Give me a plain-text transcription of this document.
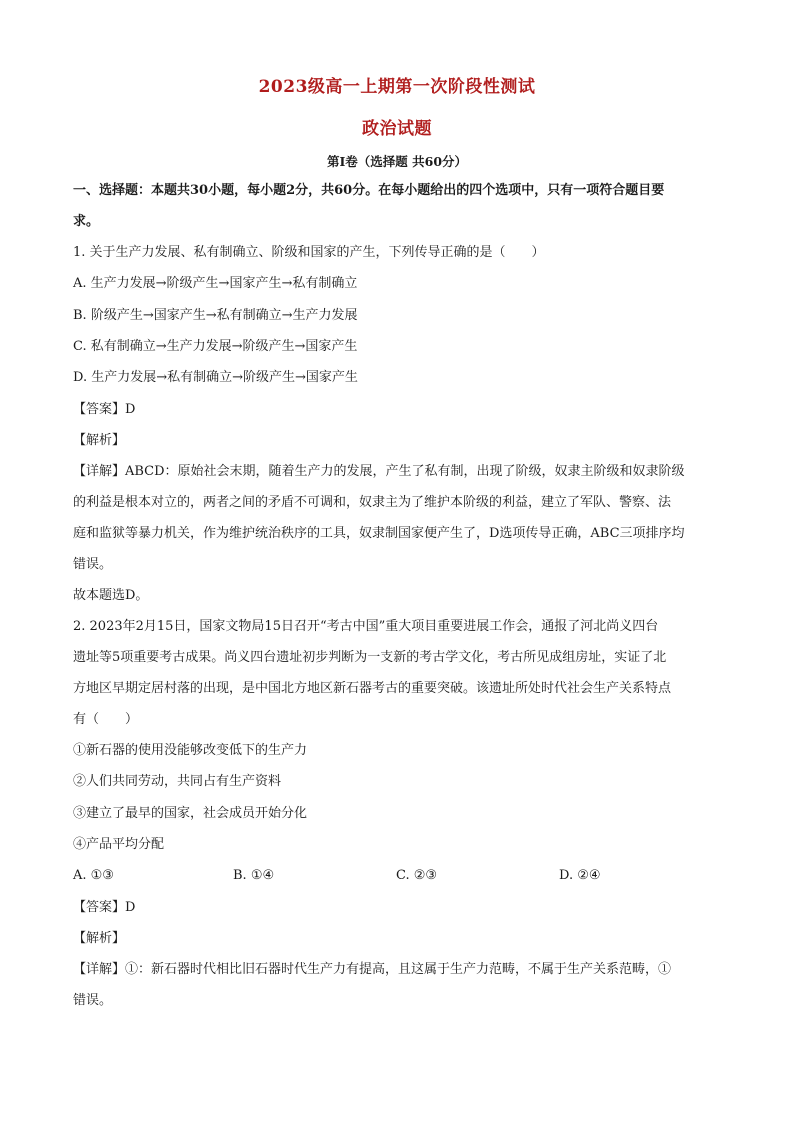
2023级高一上期第一次阶段性测试
政治试题
第Ⅰ卷（选择题 共60分）
一、选择题：本题共30小题，每小题2分，共60分。在每小题给出的四个选项中，只有一项符合题目要
求。
1. 关于生产力发展、私有制确立、阶级和国家的产生，下列传导正确的是（　　）
A. 生产力发展→阶级产生→国家产生→私有制确立
B. 阶级产生→国家产生→私有制确立→生产力发展
C. 私有制确立→生产力发展→阶级产生→国家产生
D. 生产力发展→私有制确立→阶级产生→国家产生
【答案】D
【解析】
【详解】ABCD：原始社会末期，随着生产力的发展，产生了私有制，出现了阶级，奴隶主阶级和奴隶阶级
的利益是根本对立的，两者之间的矛盾不可调和，奴隶主为了维护本阶级的利益，建立了军队、警察、法
庭和监狱等暴力机关，作为维护统治秩序的工具，奴隶制国家便产生了，D选项传导正确，ABC三项排序均
错误。
故本题选D。
2. 2023年2月15日，国家文物局15日召开“考古中国”重大项目重要进展工作会，通报了河北尚义四台
遗址等5项重要考古成果。尚义四台遗址初步判断为一支新的考古学文化，考古所见成组房址，实证了北
方地区早期定居村落的出现，是中国北方地区新石器考古的重要突破。该遗址所处时代社会生产关系特点
有（　　）
①新石器的使用没能够改变低下的生产力
②人们共同劳动，共同占有生产资料
③建立了最早的国家，社会成员开始分化
④产品平均分配
A. ①③	B. ①④	C. ②③	D. ②④
【答案】D
【解析】
【详解】①：新石器时代相比旧石器时代生产力有提高，且这属于生产力范畴，不属于生产关系范畴，①
错误。
